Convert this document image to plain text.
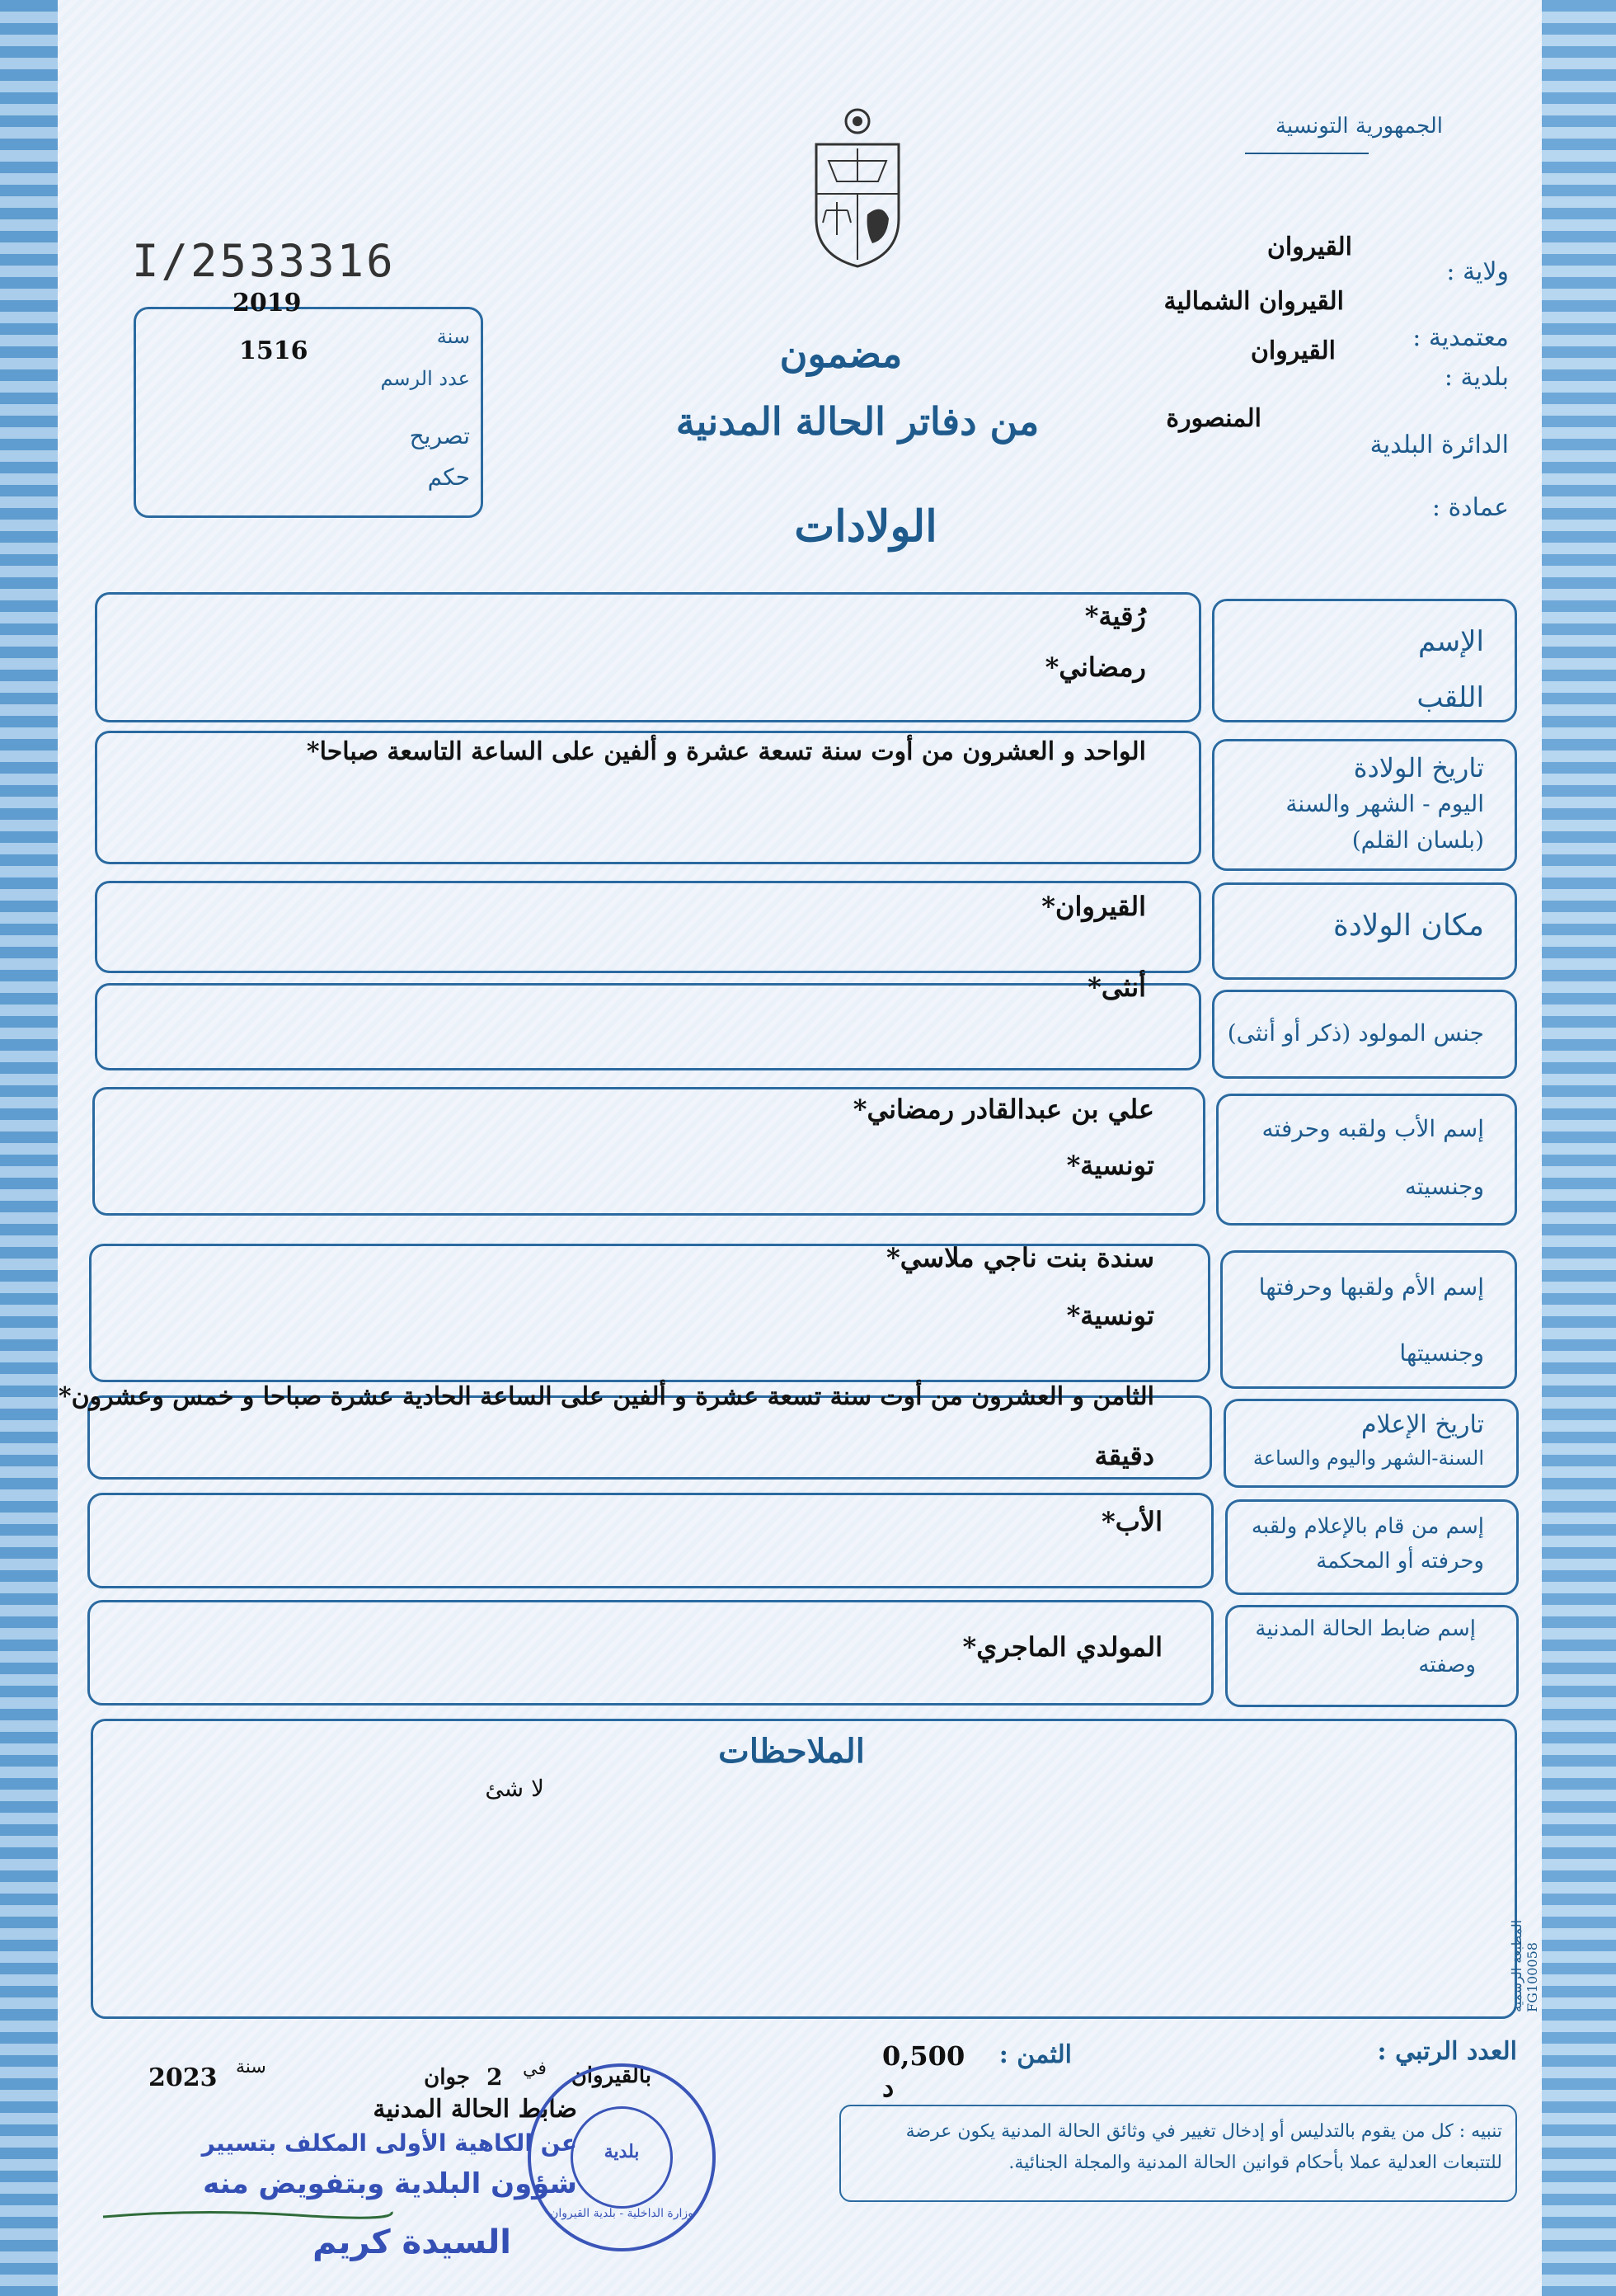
الجمهورية التونسية
I/2533316
2019
سنة
1516
عدد الرسم
تصريح
حكم
مضمون
من دفاتر الحالة المدنية
الولادات
ولاية :
القيروان
القيروان الشمالية
معتمدية :
القيروان
بلدية :
المنصورة
الدائرة البلدية
عمادة :
الإسم
اللقب
رُقية *
رمضاني *
تاريخ الولادة
اليوم - الشهر والسنة
(بلسان القلم)
الواحد و العشرون من أوت سنة تسعة عشرة و ألفين على الساعة التاسعة صباحا *
مكان الولادة
القيروان *
جنس المولود (ذكر أو أنثى)
أنثى *
إسم الأب ولقبه وحرفته
وجنسيته
علي بن عبدالقادر رمضاني *
تونسية *
إسم الأم ولقبها وحرفتها
وجنسيتها
سندة بنت ناجي ملاسي *
تونسية *
تاريخ الإعلام
السنة-الشهر واليوم والساعة
الثامن و العشرون من أوت سنة تسعة عشرة و ألفين على الساعة الحادية عشرة صباحا و خمس وعشرون *
دقيقة
إسم من قام بالإعلام ولقبه
وحرفته أو المحكمة
الأب *
إسم ضابط الحالة المدنية
وصفته
المولدي الماجري *
الملاحظات
لا شئ
المطبعة الرسمية FG100058
العدد الرتبي :
الثمن :
0,500 د
بالقيروان
في
2
جوان
سنة
2023
ضابط الحالة المدنية
تنبيه : كل من يقوم بالتدليس أو إدخال تغيير في وثائق الحالة المدنية يكون عرضة للتتبعات العدلية عملا بأحكام قوانين الحالة المدنية والمجلة الجنائية.
بلدية
وزارة الداخلية - بلدية القيروان
عن الكاهية الأولى المكلف بتسيير
شؤون البلدية وبتفويض منه
السيدة كريم
